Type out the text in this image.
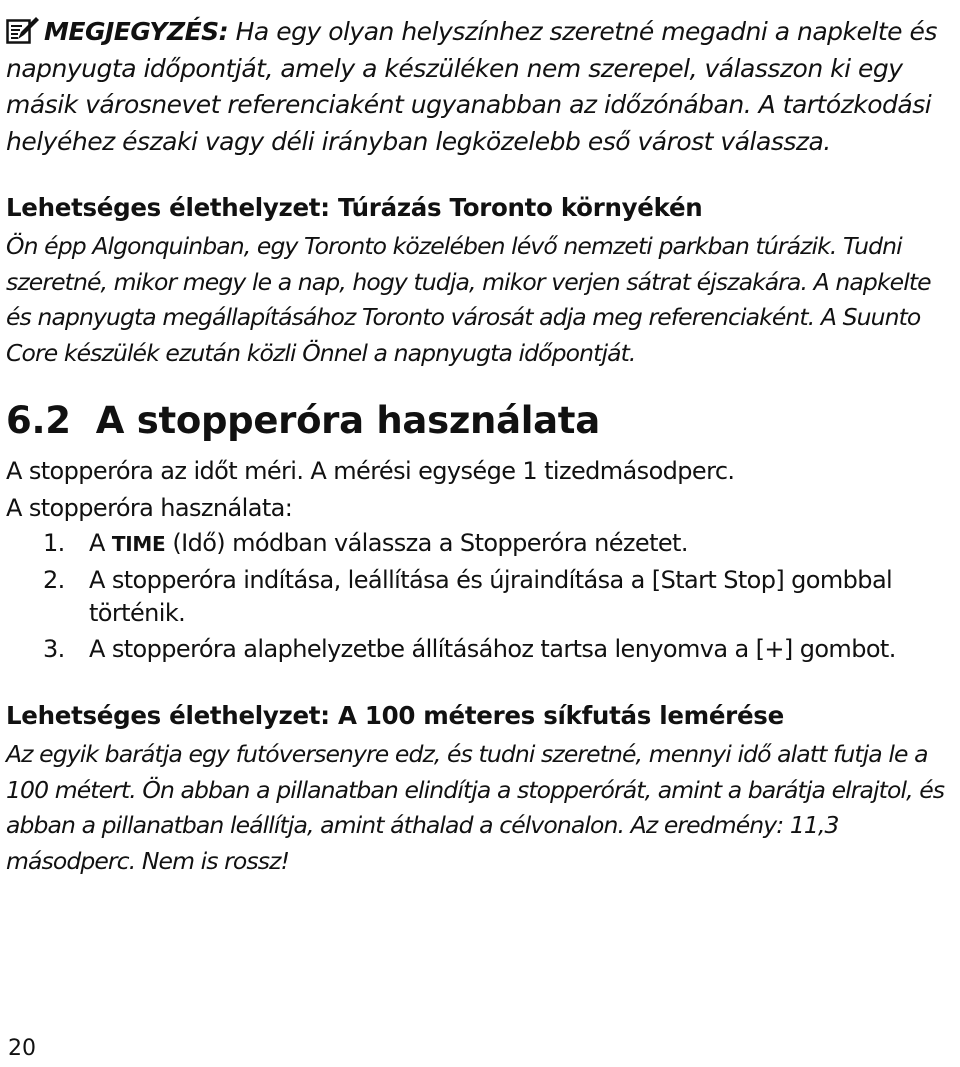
MEGJEGYZÉS: Ha egy olyan helyszínhez szeretné megadni a napkelte és napnyugta időpontját, amely a készüléken nem szerepel, válasszon ki egy másik városnevet referenciaként ugyanabban az időzónában. A tartózkodási helyéhez északi vagy déli irányban legközelebb eső várost válassza.

Lehetséges élethelyzet: Túrázás Toronto környékén

Ön épp Algonquinban, egy Toronto közelében lévő nemzeti parkban túrázik. Tudni szeretné, mikor megy le a nap, hogy tudja, mikor verjen sátrat éjszakára. A napkelte és napnyugta megállapításához Toronto városát adja meg referenciaként. A Suunto Core készülék ezután közli Önnel a napnyugta időpontját.

6.2  A stopperóra használata

A stopperóra az időt méri. A mérési egysége 1 tizedmásodperc.

A stopperóra használata:

1.	A TIME (Idő) módban válassza a Stopperóra nézetet.
2.	A stopperóra indítása, leállítása és újraindítása a [Start Stop] gombbal történik.
3.	A stopperóra alaphelyzetbe állításához tartsa lenyomva a [+] gombot.

Lehetséges élethelyzet: A 100 méteres síkfutás lemérése

Az egyik barátja egy futóversenyre edz, és tudni szeretné, mennyi idő alatt futja le a 100 métert. Ön abban a pillanatban elindítja a stopperórát, amint a barátja elrajtol, és abban a pillanatban leállítja, amint áthalad a célvonalon. Az eredmény: 11,3 másodperc. Nem is rossz!

20
